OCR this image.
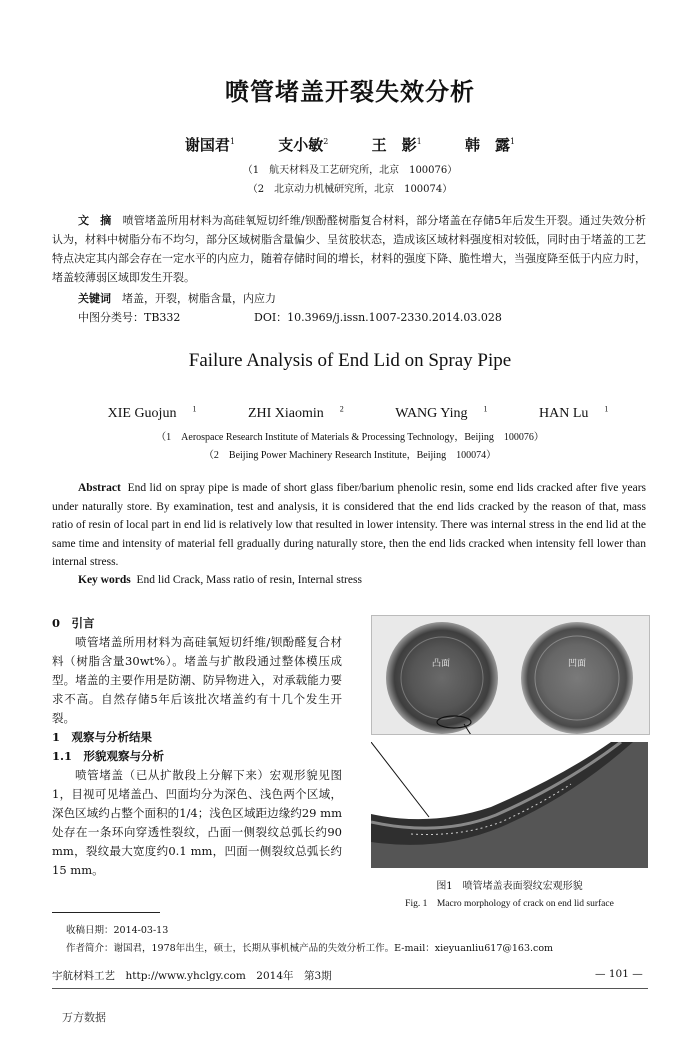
喷管堵盖开裂失效分析
谢国君$^1$	支小敏$^2$	王　影$^1$	韩　露$^1$
（1　航天材料及工艺研究所，北京　100076）
（2　北京动力机械研究所，北京　100074）
文　摘　 喷管堵盖所用材料为高硅氧短切纤维/钡酚醛树脂复合材料，部分堵盖在存储5年后发生开裂。通过失效分析认为，材料中树脂分布不均匀，部分区域树脂含量偏少、呈贫胶状态，造成该区域材料强度相对较低，同时由于堵盖的工艺特点决定其内部会存在一定水平的内应力，随着存储时间的增长，材料的强度下降、脆性增大，当强度降至低于内应力时，堵盖较薄弱区域即发生开裂。
关键词　 堵盖，开裂，树脂含量，内应力
中图分类号：TB332	DOI：10.3969/j.issn.1007-2330.2014.03.028
Failure Analysis of End Lid on Spray Pipe
XIE Guojun $^1$	ZHI Xiaomin $^2$	WANG Ying $^1$	HAN Lu $^1$
（1　Aerospace Research Institute of Materials & Processing Technology，Beijing　100076）
（2　Beijing Power Machinery Research Institute，Beijing　100074）
Abstract End lid on spray pipe is made of short glass fiber/barium phenolic resin, some end lids cracked after five years under naturally store. By examination, test and analysis, it is considered that the end lids cracked by the reason of that, mass ratio of resin of local part in end lid is relatively low that resulted in lower intensity. There was internal stress in the end lid at the same time and intensity of material fell gradually during naturally store, then the end lids cracked when intensity fell lower than internal stress.
Key words End lid Crack, Mass ratio of resin, Internal stress
0　引言

喷管堵盖所用材料为高硅氧短切纤维/钡酚醛复合材料（树脂含量30wt%）。堵盖与扩散段通过整体模压成型。堵盖的主要作用是防潮、防异物进入，对承载能力要求不高。自然存储5年后该批次堵盖约有十几个发生开裂。

1　观察与分析结果
1.1　形貌观察与分析

喷管堵盖（已从扩散段上分解下来）宏观形貌见图1，目视可见堵盖凸、凹面均分为深色、浅色两个区域，深色区域约占整个面积的1/4；浅色区域距边缘约29 mm处存在一条环向穿透性裂纹，凸面一侧裂纹总弧长约90 mm，裂纹最大宽度约0.1 mm，凹面一侧裂纹总弧长约15 mm。

凸面	凹面
图1　喷管堵盖表面裂纹宏观形貌
Fig. 1　Macro morphology of crack on end lid surface
收稿日期：2014-03-13
作者简介：谢国君，1978年出生，硕士，长期从事机械产品的失效分析工作。E-mail：xieyuanliu617@163.com
宇航材料工艺　http://www.yhclgy.com　2014年　第3期	— 101 —
万方数据
